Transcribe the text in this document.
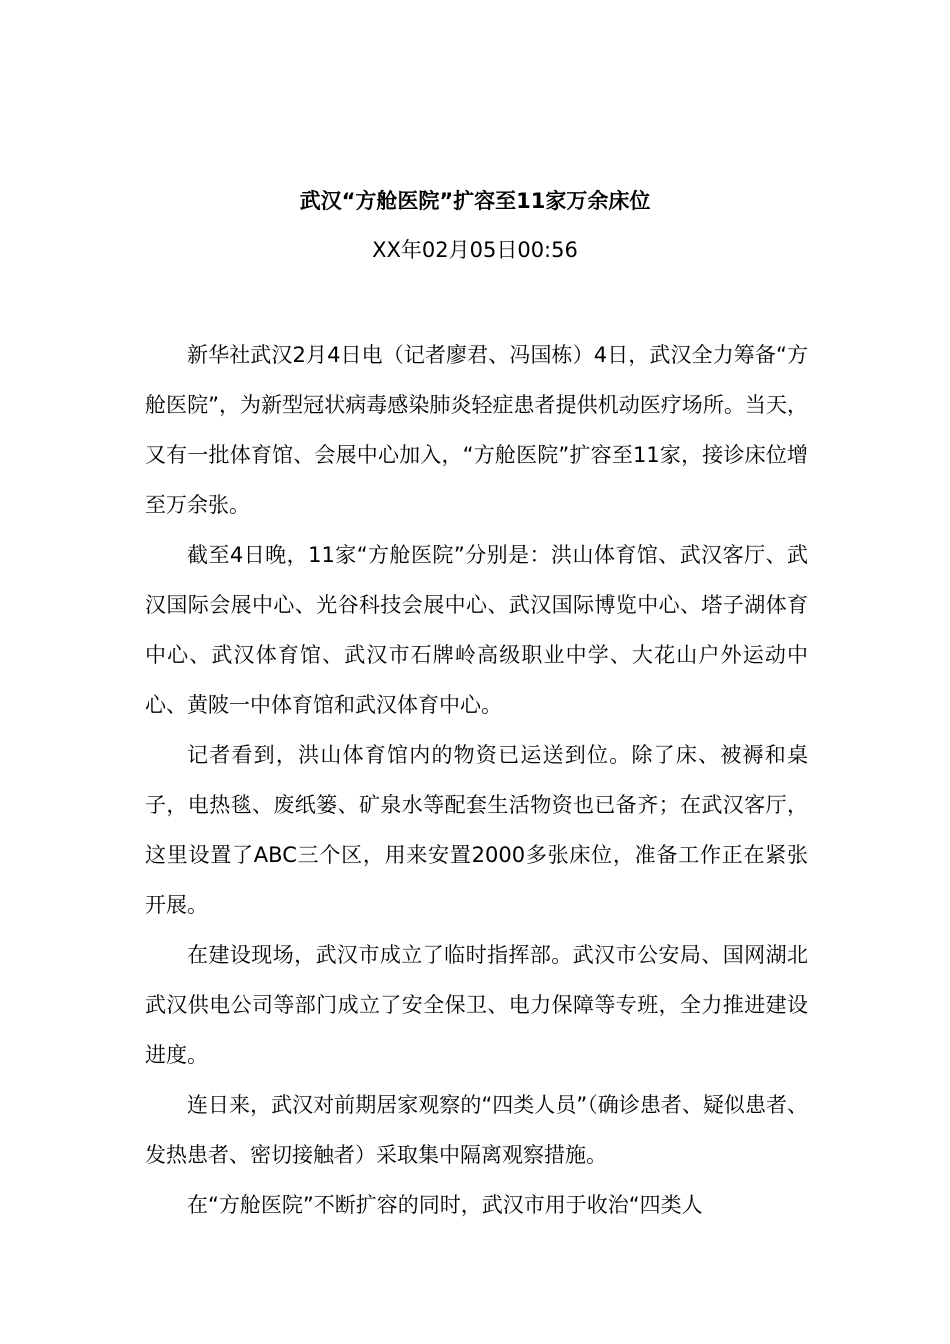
武汉“方舱医院”扩容至11家万余床位
XX年02月05日00:56

新华社武汉2月4日电（记者廖君、冯国栋）4日，武汉全力筹备“方舱医院”，为新型冠状病毒感染肺炎轻症患者提供机动医疗场所。当天，又有一批体育馆、会展中心加入，“方舱医院”扩容至11家，接诊床位增至万余张。

截至4日晚，11家“方舱医院”分别是：洪山体育馆、武汉客厅、武汉国际会展中心、光谷科技会展中心、武汉国际博览中心、塔子湖体育中心、武汉体育馆、武汉市石牌岭高级职业中学、大花山户外运动中心、黄陂一中体育馆和武汉体育中心。

记者看到，洪山体育馆内的物资已运送到位。除了床、被褥和桌子，电热毯、废纸篓、矿泉水等配套生活物资也已备齐；在武汉客厅，这里设置了ABC三个区，用来安置2000多张床位，准备工作正在紧张开展。

在建设现场，武汉市成立了临时指挥部。武汉市公安局、国网湖北武汉供电公司等部门成立了安全保卫、电力保障等专班，全力推进建设进度。

连日来，武汉对前期居家观察的“四类人员”（确诊患者、疑似患者、发热患者、密切接触者）采取集中隔离观察措施。

在“方舱医院”不断扩容的同时，武汉市用于收治“四类人
